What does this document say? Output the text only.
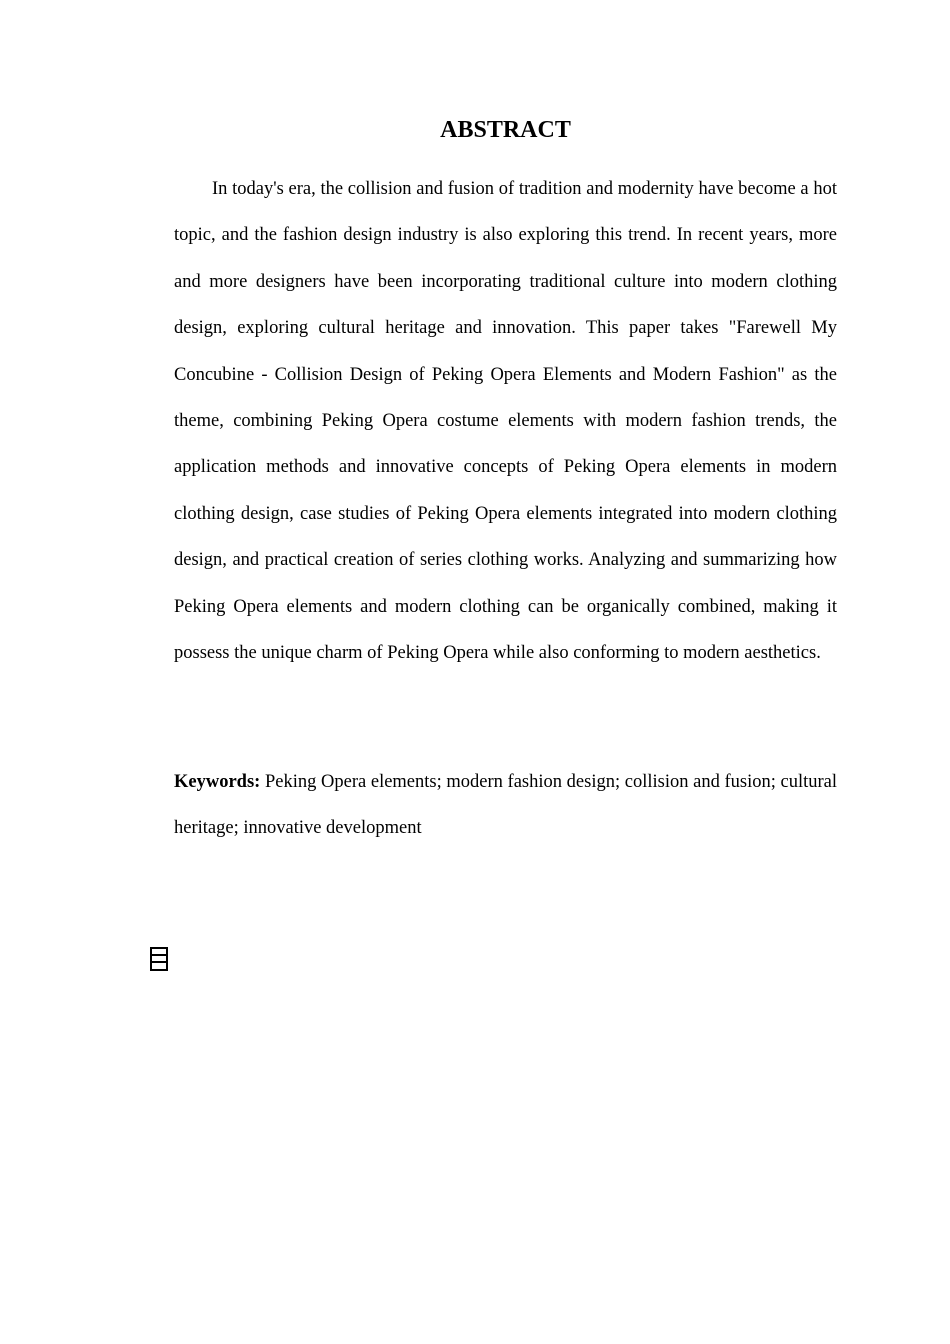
ABSTRACT

In today's era, the collision and fusion of tradition and modernity have become a hot topic, and the fashion design industry is also exploring this trend. In recent years, more and more designers have been incorporating traditional culture into modern clothing design, exploring cultural heritage and innovation. This paper takes "Farewell My Concubine - Collision Design of Peking Opera Elements and Modern Fashion" as the theme, combining Peking Opera costume elements with modern fashion trends, the application methods and innovative concepts of Peking Opera elements in modern clothing design, case studies of Peking Opera elements integrated into modern clothing design, and practical creation of series clothing works. Analyzing and summarizing how Peking Opera elements and modern clothing can be organically combined, making it possess the unique charm of Peking Opera while also conforming to modern aesthetics.

Keywords: Peking Opera elements; modern fashion design; collision and fusion; cultural heritage; innovative development
